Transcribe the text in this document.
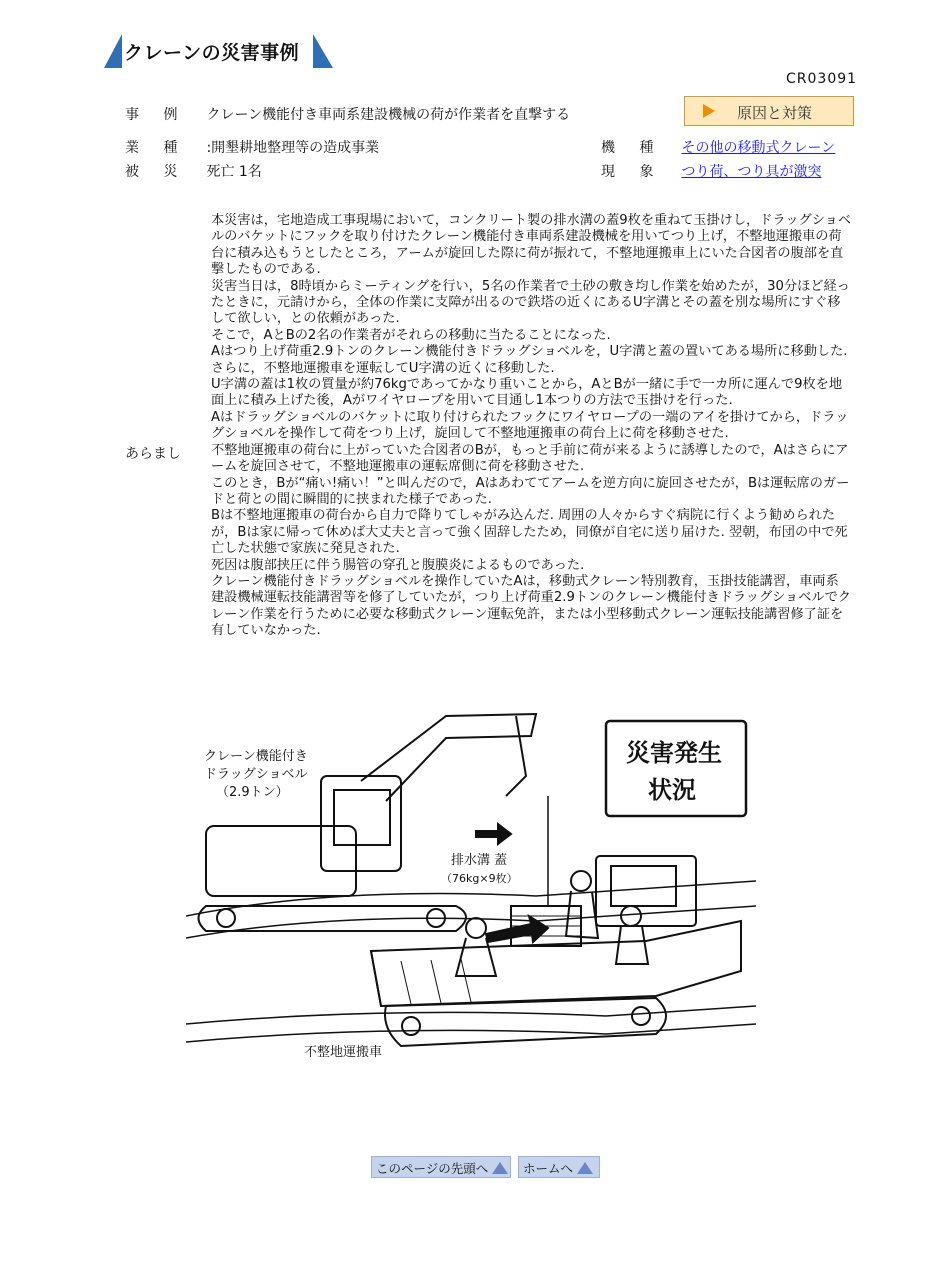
クレーンの災害事例
CR03091
事 例 クレーン機能付き車両系建設機械の荷が作業者を直撃する	原因と対策
業 種 :開墾耕地整理等の造成事業
被 災 死亡 1名
機 種 その他の移動式クレーン
現 象 つり荷、つり具が激突
あらまし

本災害は，宅地造成工事現場において，コンクリート製の排水溝の蓋9枚を重ねて玉掛けし，ドラッグショベルのバケットにフックを取り付けたクレーン機能付き車両系建設機械を用いてつり上げ，不整地運搬車の荷台に積み込もうとしたところ，アームが旋回した際に荷が振れて，不整地運搬車上にいた合図者の腹部を直撃したものである.

災害当日は，8時頃からミーティングを行い，5名の作業者で土砂の敷き均し作業を始めたが，30分ほど経ったときに，元請けから，全体の作業に支障が出るので鉄塔の近くにあるU字溝とその蓋を別な場所にすぐ移して欲しい，との依頼があった.

そこで，AとBの2名の作業者がそれらの移動に当たることになった.

Aはつり上げ荷重2.9トンのクレーン機能付きドラッグショベルを，U字溝と蓋の置いてある場所に移動した. さらに，不整地運搬車を運転してU字溝の近くに移動した.

U字溝の蓋は1枚の質量が約76kgであってかなり重いことから，AとBが一緒に手で一カ所に運んで9枚を地面上に積み上げた後，Aがワイヤロープを用いて目通し1本つりの方法で玉掛けを行った.

Aはドラッグショベルのバケットに取り付けられたフックにワイヤロープの一端のアイを掛けてから，ドラッグショベルを操作して荷をつり上げ，旋回して不整地運搬車の荷台上に荷を移動させた.

不整地運搬車の荷台に上がっていた合図者のBが，もっと手前に荷が来るように誘導したので，Aはさらにアームを旋回させて，不整地運搬車の運転席側に荷を移動させた.

このとき，Bが“痛い!痛い！”と叫んだので，Aはあわててアームを逆方向に旋回させたが，Bは運転席のガードと荷との間に瞬間的に挟まれた様子であった.

Bは不整地運搬車の荷台から自力で降りてしゃがみ込んだ. 周囲の人々からすぐ病院に行くよう勧められたが，Bは家に帰って休めば大丈夫と言って強く固辞したため，同僚が自宅に送り届けた. 翌朝，布団の中で死亡した状態で家族に発見された.

死因は腹部挟圧に伴う腸管の穿孔と腹膜炎によるものであった.

クレーン機能付きドラッグショベルを操作していたAは，移動式クレーン特別教育，玉掛技能講習，車両系建設機械運転技能講習等を修了していたが，つり上げ荷重2.9トンのクレーン機能付きドラッグショベルでクレーン作業を行うために必要な移動式クレーン運転免許，または小型移動式クレーン運転技能講習修了証を有していなかった.

クレーン機能付き
ドラッグショベル
（2.9トン）
排水溝 蓋
（76kg×9枚）
不整地運搬車
災害発生
状況
このページの先頭へ	ホームへ
